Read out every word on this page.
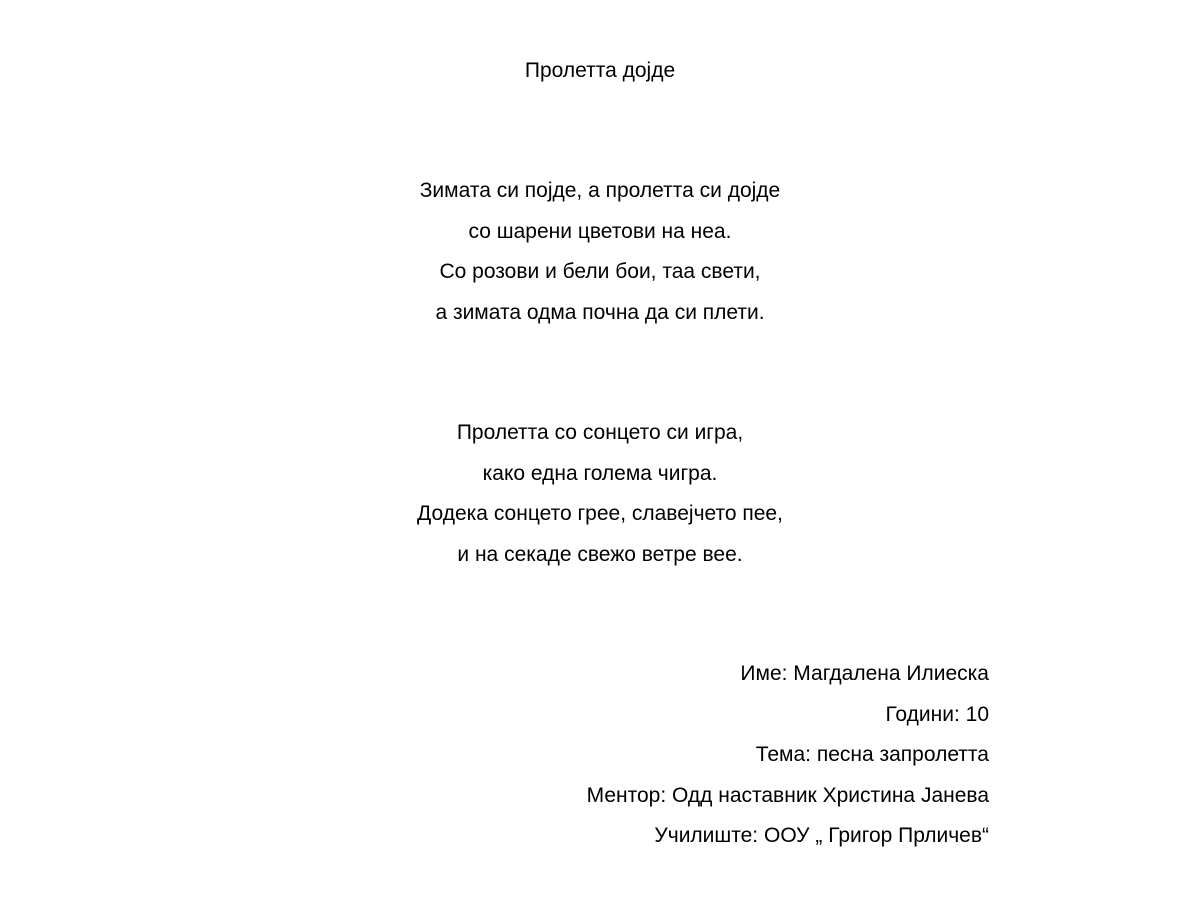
Пролетта дојде
Зимата си појде, а пролетта си дојде
со шарени цветови на неа.
Со розови и бели бои, таа свети,
а зимата одма почна да си плети.
Пролетта со сонцето си игра,
како една голема чигра.
Додека сонцето грее, славејчето пее,
и на секаде свежо ветре вее.
Име: Магдалена Илиеска
Години: 10
Тема: песна запролетта
Ментор: Одд наставник Христина Јанева
Училиште: ООУ „ Григор Прличев“
